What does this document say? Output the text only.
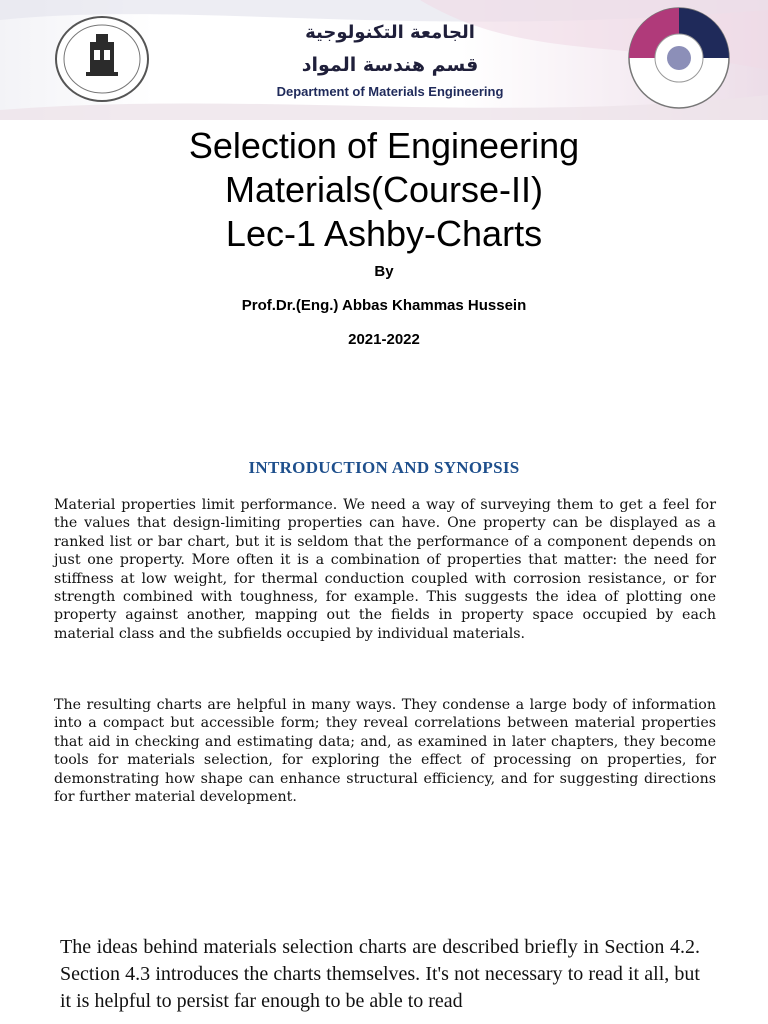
الجامعة التكنولوجية
قسم هندسة المواد
Department of Materials Engineering
Selection of Engineering
Materials(Course-II)
Lec-1 Ashby-Charts
By
Prof.Dr.(Eng.) Abbas Khammas Hussein
2021-2022
INTRODUCTION AND SYNOPSIS

Material properties limit performance. We need a way of surveying them to get a feel for the values that design-limiting properties can have. One property can be displayed as a ranked list or bar chart, but it is seldom that the performance of a component depends on just one property. More often it is a combination of properties that matter: the need for stiffness at low weight, for thermal conduction coupled with corrosion resistance, or for strength combined with toughness, for example. This suggests the idea of plotting one property against another, mapping out the fields in property space occupied by each material class and the subfields occupied by individual materials.

The resulting charts are helpful in many ways. They condense a large body of information into a compact but accessible form; they reveal correlations between material properties that aid in checking and estimating data; and, as examined in later chapters, they become tools for materials selection, for exploring the effect of processing on properties, for demonstrating how shape can enhance structural efficiency, and for suggesting directions for further material development.

The ideas behind materials selection charts are described briefly in Section 4.2. Section 4.3 introduces the charts themselves. It's not necessary to read it all, but it is helpful to persist far enough to be able to read
